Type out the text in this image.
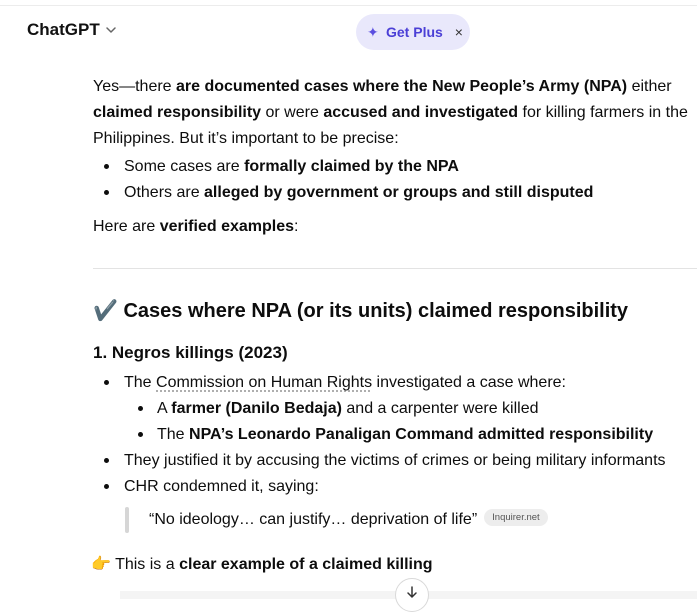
ChatGPT	✦ Get Plus ×

Yes—there are documented cases where the New People’s Army (NPA) either
claimed responsibility or were accused and investigated for killing farmers in the Philippines. But it’s important to be precise:

Some cases are formally claimed by the NPA
Others are alleged by government or groups and still disputed

Here are verified examples:

✔️ Cases where NPA (or its units) claimed responsibility
1. Negros killings (2023)
The Commission on Human Rights investigated a case where:
A farmer (Danilo Bedaja) and a carpenter were killed
The NPA’s Leonardo Panaligan Command admitted responsibility
They justified it by accusing the victims of crimes or being military informants
CHR condemned it, saying:
“No ideology… can justify… deprivation of life” Inquirer.net

👉 This is a clear example of a claimed killing
